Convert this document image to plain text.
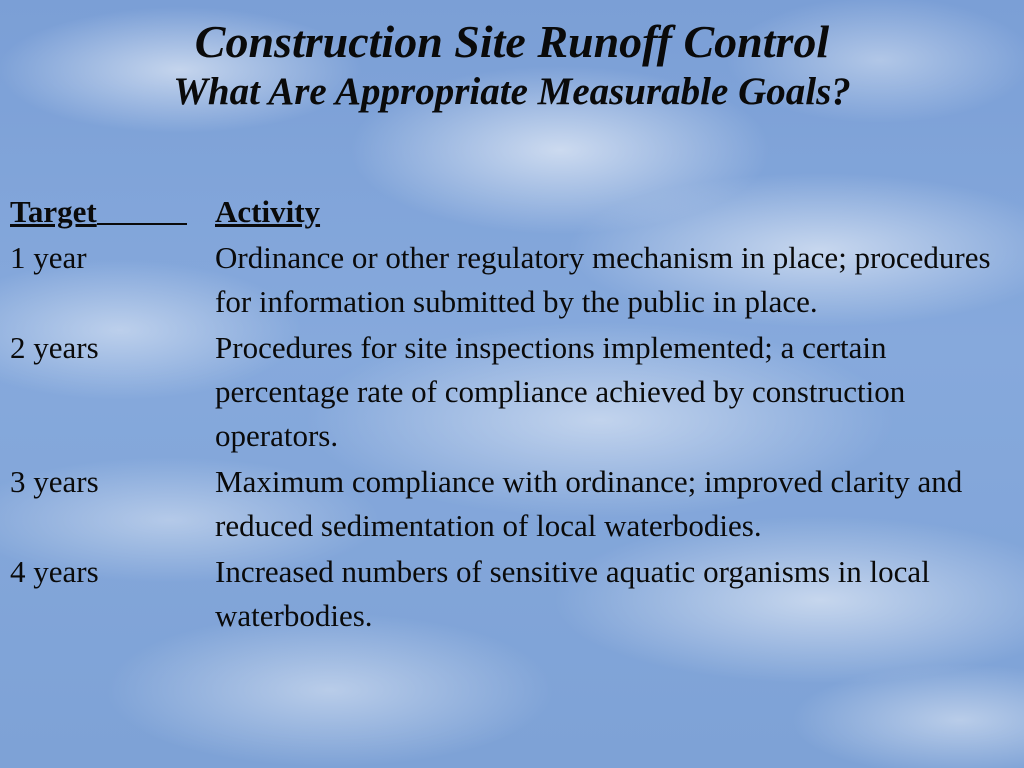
Construction Site Runoff Control
What Are Appropriate Measurable Goals?
Target	Activity
1 year	Ordinance or other regulatory mechanism in place; procedures for information submitted by the public in place.
2 years	Procedures for site inspections implemented; a certain percentage rate of compliance achieved by construction operators.
3 years	Maximum compliance with ordinance; improved clarity and reduced sedimentation of local waterbodies.
4 years	Increased numbers of sensitive aquatic organisms in local waterbodies.
